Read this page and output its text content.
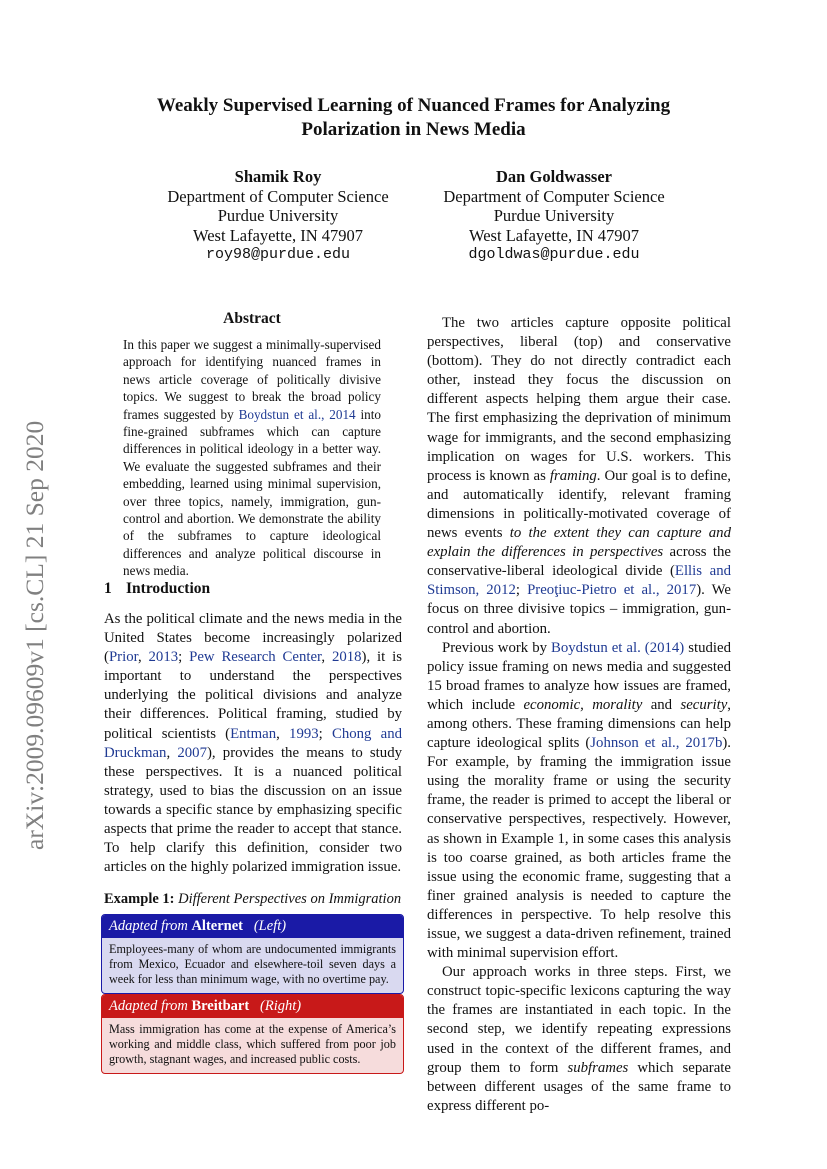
arXiv:2009.09609v1 [cs.CL] 21 Sep 2020
Weakly Supervised Learning of Nuanced Frames for Analyzing
Polarization in News Media
Shamik Roy
Department of Computer Science
Purdue University
West Lafayette, IN 47907
roy98@purdue.edu
Dan Goldwasser
Department of Computer Science
Purdue University
West Lafayette, IN 47907
dgoldwas@purdue.edu
Abstract
In this paper we suggest a minimally-supervised approach for identifying nuanced frames in news article coverage of politically divisive topics. We suggest to break the broad policy frames suggested by Boydstun et al., 2014 into fine-grained subframes which can capture differences in political ideology in a better way. We evaluate the suggested subframes and their embedding, learned using minimal supervision, over three topics, namely, immigration, gun-control and abortion. We demonstrate the ability of the subframes to capture ideological differences and analyze political discourse in news media.
1 Introduction
As the political climate and the news media in the United States become increasingly polarized (Prior, 2013; Pew Research Center, 2018), it is important to understand the perspectives underlying the political divisions and analyze their differences. Political framing, studied by political scientists (Entman, 1993; Chong and Druckman, 2007), provides the means to study these perspectives. It is a nuanced political strategy, used to bias the discussion on an issue towards a specific stance by emphasizing specific aspects that prime the reader to accept that stance. To help clarify this definition, consider two articles on the highly polarized immigration issue.
Example 1: Different Perspectives on Immigration
Adapted from Alternet (Left)
Employees-many of whom are undocumented immigrants from Mexico, Ecuador and elsewhere-toil seven days a week for less than minimum wage, with no overtime pay.
Adapted from Breitbart (Right)
Mass immigration has come at the expense of America’s working and middle class, which suffered from poor job growth, stagnant wages, and increased public costs.

The two articles capture opposite political perspectives, liberal (top) and conservative (bottom). They do not directly contradict each other, instead they focus the discussion on different aspects helping them argue their case. The first emphasizing the deprivation of minimum wage for immigrants, and the second emphasizing implication on wages for U.S. workers. This process is known as framing. Our goal is to define, and automatically identify, relevant framing dimensions in politically-motivated coverage of news events to the extent they can capture and explain the differences in perspectives across the conservative-liberal ideological divide (Ellis and Stimson, 2012; Preoţiuc-Pietro et al., 2017). We focus on three divisive topics – immigration, gun-control and abortion.

Previous work by Boydstun et al. (2014) studied policy issue framing on news media and suggested 15 broad frames to analyze how issues are framed, which include economic, morality and security, among others. These framing dimensions can help capture ideological splits (Johnson et al., 2017b). For example, by framing the immigration issue using the morality frame or using the security frame, the reader is primed to accept the liberal or conservative perspectives, respectively. However, as shown in Example 1, in some cases this analysis is too coarse grained, as both articles frame the issue using the economic frame, suggesting that a finer grained analysis is needed to capture the differences in perspective. To help resolve this issue, we suggest a data-driven refinement, trained with minimal supervision effort.

Our approach works in three steps. First, we construct topic-specific lexicons capturing the way the frames are instantiated in each topic. In the second step, we identify repeating expressions used in the context of the different frames, and group them to form subframes which separate between different usages of the same frame to express different po-
